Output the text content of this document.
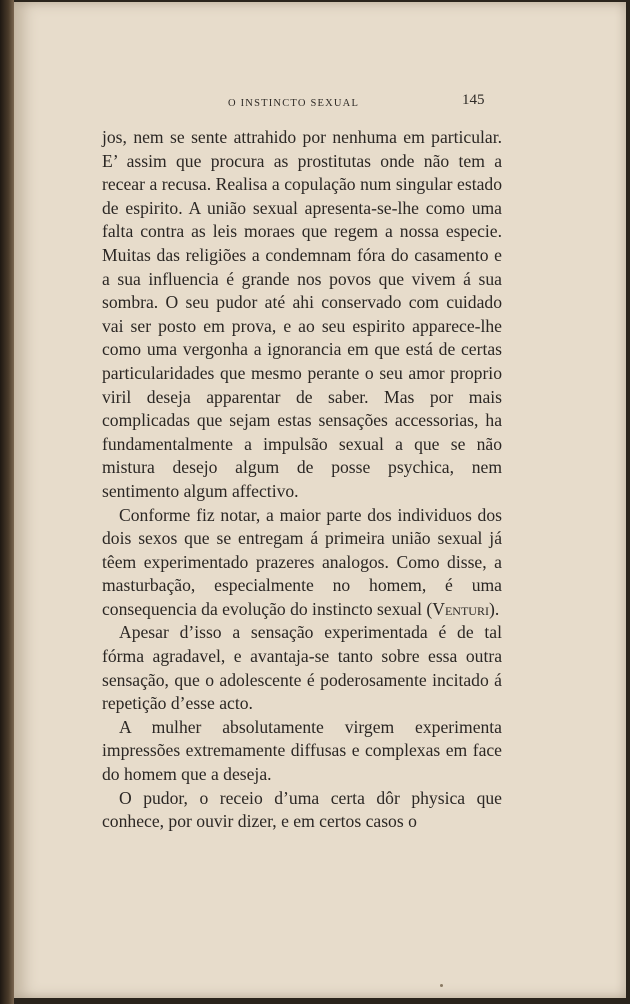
O INSTINCTO SEXUAL	145

jos, nem se sente attrahido por nenhuma em particular. E’ assim que procura as prostitutas onde não tem a recear a recusa. Realisa a copulação num singular estado de espirito. A união sexual apresenta-se-lhe como uma falta contra as leis moraes que regem a nossa especie. Muitas das religiões a condemnam fóra do casamento e a sua influencia é grande nos povos que vivem á sua sombra. O seu pudor até ahi conservado com cuidado vai ser posto em prova, e ao seu espirito apparece-lhe como uma vergonha a ignorancia em que está de certas particularidades que mesmo perante o seu amor proprio viril deseja apparentar de saber. Mas por mais complicadas que sejam estas sensações accessorias, ha fundamentalmente a impulsão sexual a que se não mistura desejo algum de posse psychica, nem sentimento algum affectivo.

Conforme fiz notar, a maior parte dos individuos dos dois sexos que se entregam á primeira união sexual já têem experimentado prazeres analogos. Como disse, a masturbação, especialmente no homem, é uma consequencia da evolução do instincto sexual (Venturi).

Apesar d’isso a sensação experimentada é de tal fórma agradavel, e avantaja-se tanto sobre essa outra sensação, que o adolescente é poderosamente incitado á repetição d’esse acto.

A mulher absolutamente virgem experimenta impressões extremamente diffusas e complexas em face do homem que a deseja.

O pudor, o receio d’uma certa dôr physica que conhece, por ouvir dizer, e em certos casos o
